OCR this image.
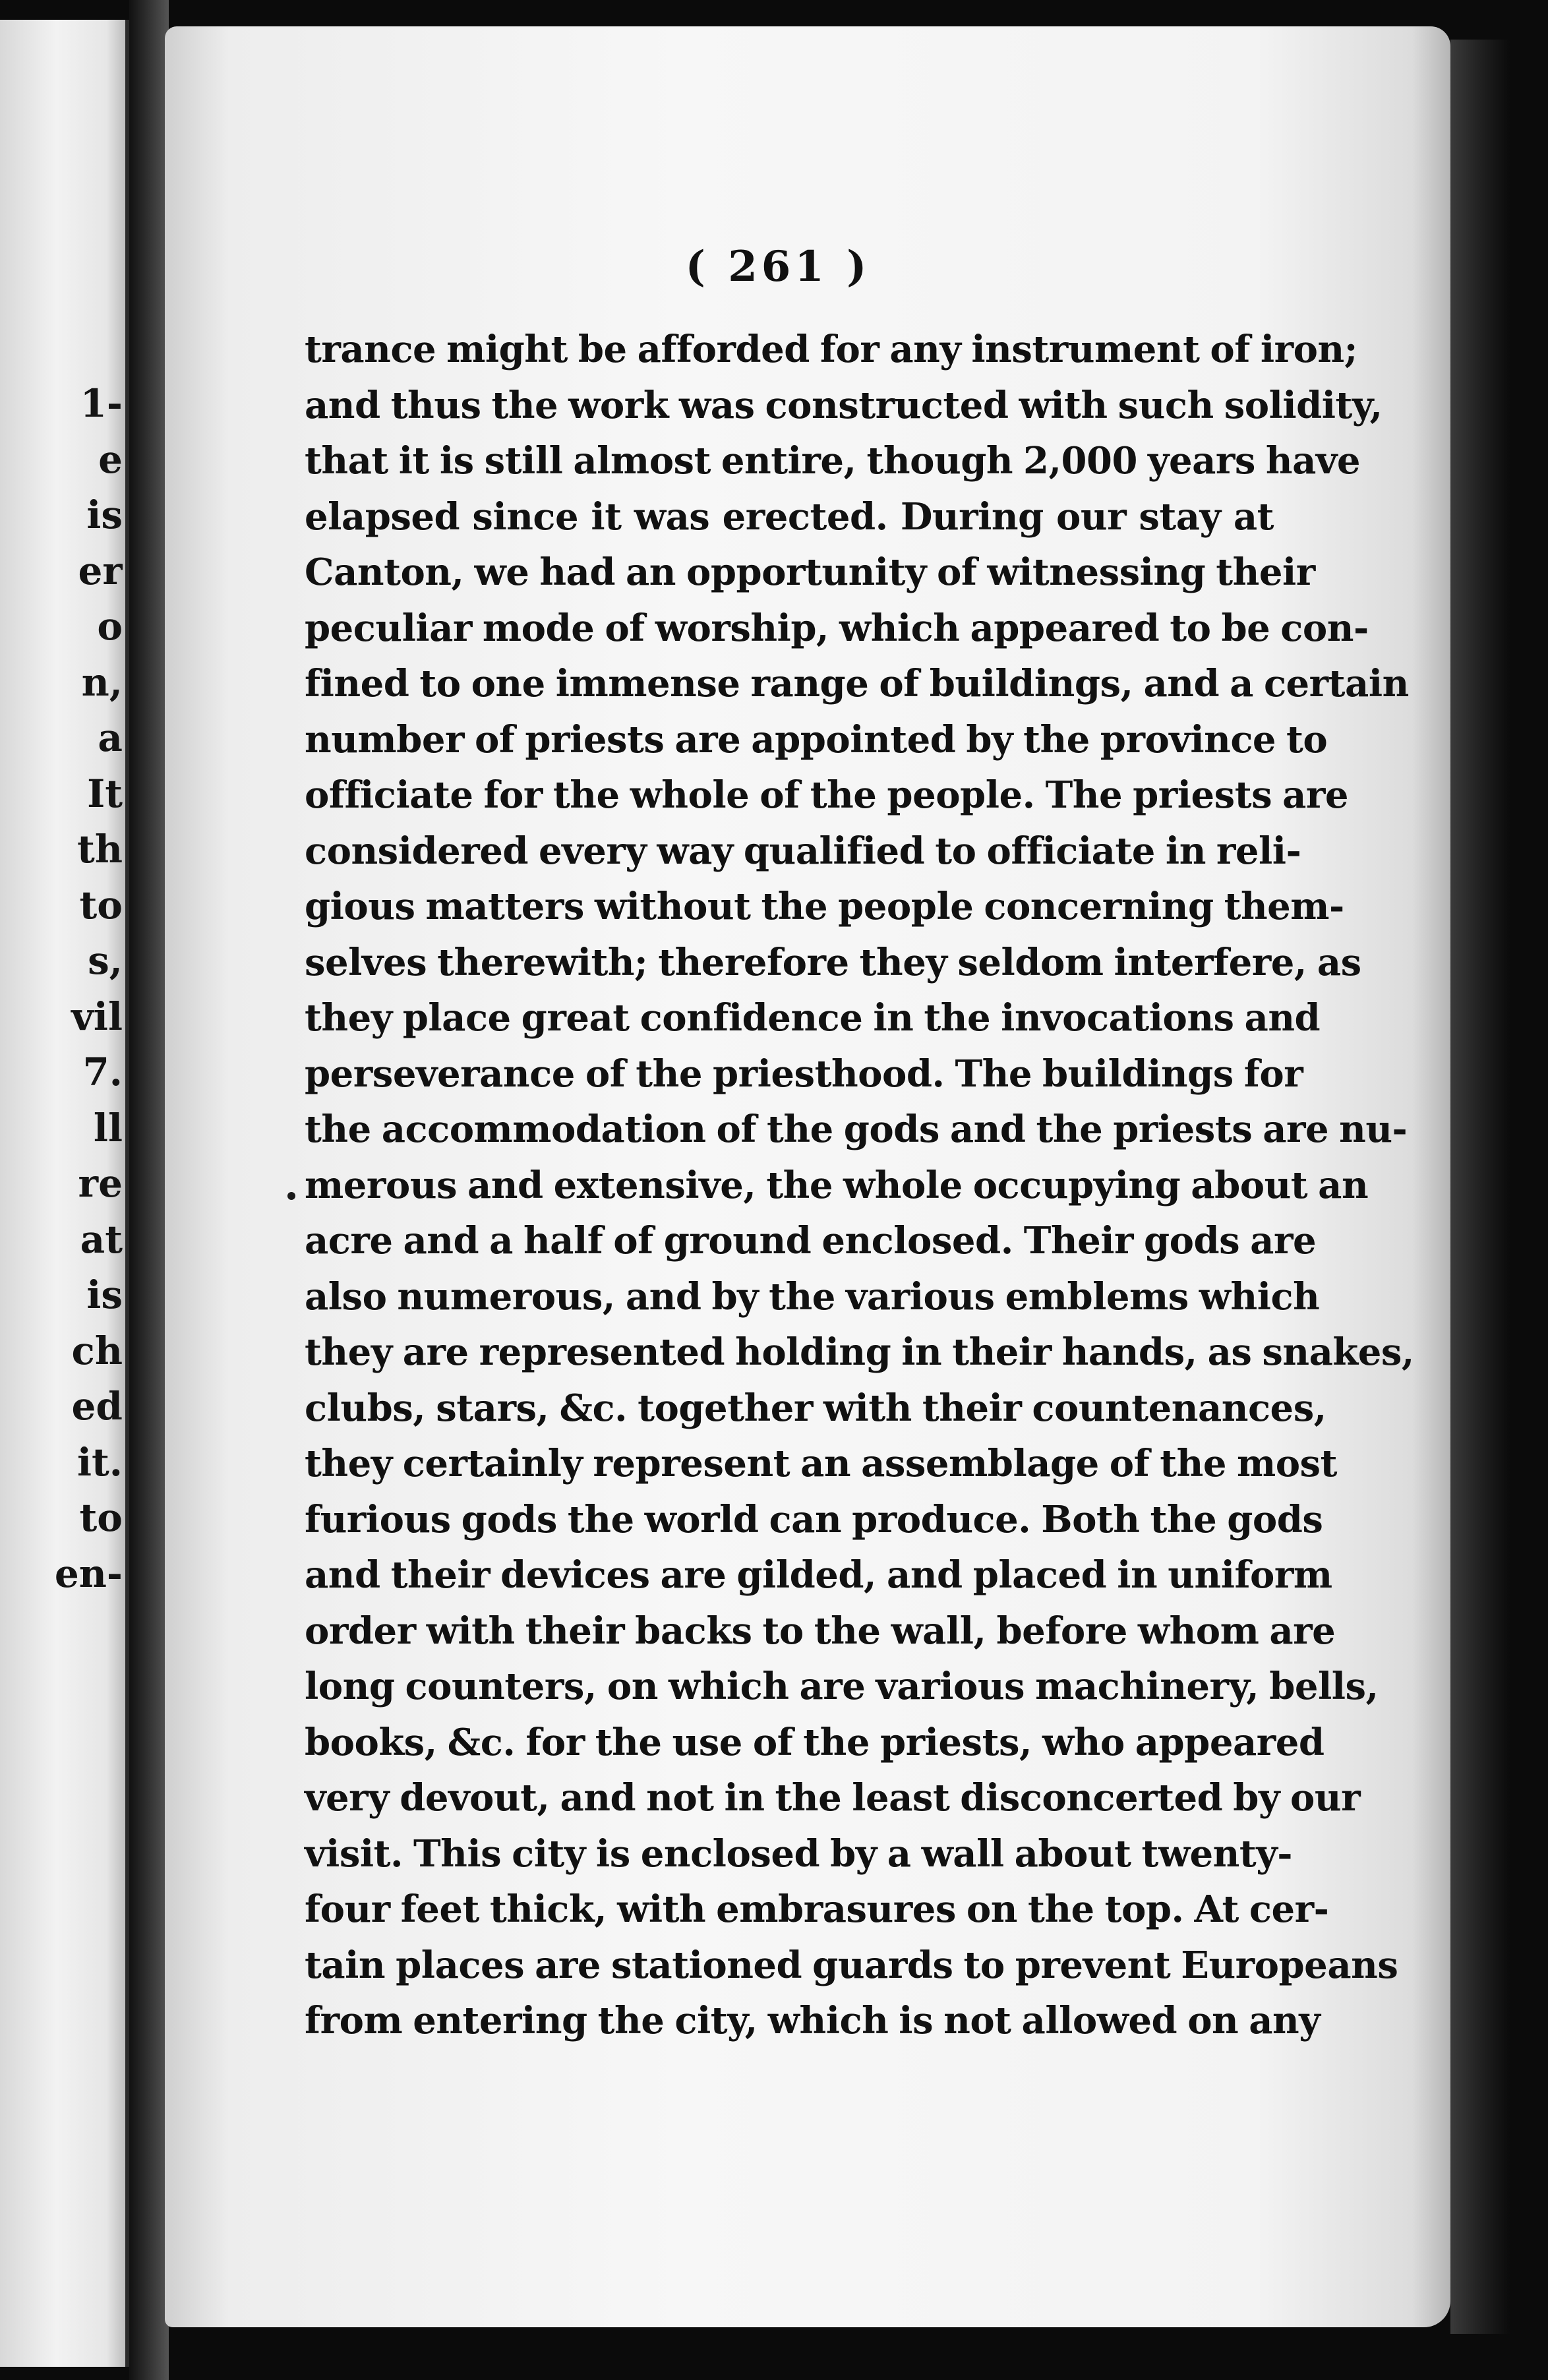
1-
e
is
er
o
n,
a
It
th
to
s,
vil
7.
ll
re
at
is
ch
ed
it.
to
en-
( 261 )
trance might be afforded for any instrument of iron;
and thus the work was constructed with such solidity,
that it is still almost entire, though 2,000 years have
elapsed since it was erected. During our stay at
Canton, we had an opportunity of witnessing their
peculiar mode of worship, which appeared to be con-
fined to one immense range of buildings, and a certain
number of priests are appointed by the province to
officiate for the whole of the people. The priests are
considered every way qualified to officiate in reli-
gious matters without the people concerning them-
selves therewith; therefore they seldom interfere, as
they place great confidence in the invocations and
perseverance of the priesthood. The buildings for
the accommodation of the gods and the priests are nu-
merous and extensive, the whole occupying about an
acre and a half of ground enclosed. Their gods are
also numerous, and by the various emblems which
they are represented holding in their hands, as snakes,
clubs, stars, &c. together with their countenances,
they certainly represent an assemblage of the most
furious gods the world can produce. Both the gods
and their devices are gilded, and placed in uniform
order with their backs to the wall, before whom are
long counters, on which are various machinery, bells,
books, &c. for the use of the priests, who appeared
very devout, and not in the least disconcerted by our
visit. This city is enclosed by a wall about twenty-
four feet thick, with embrasures on the top. At cer-
tain places are stationed guards to prevent Europeans
from entering the city, which is not allowed on any
